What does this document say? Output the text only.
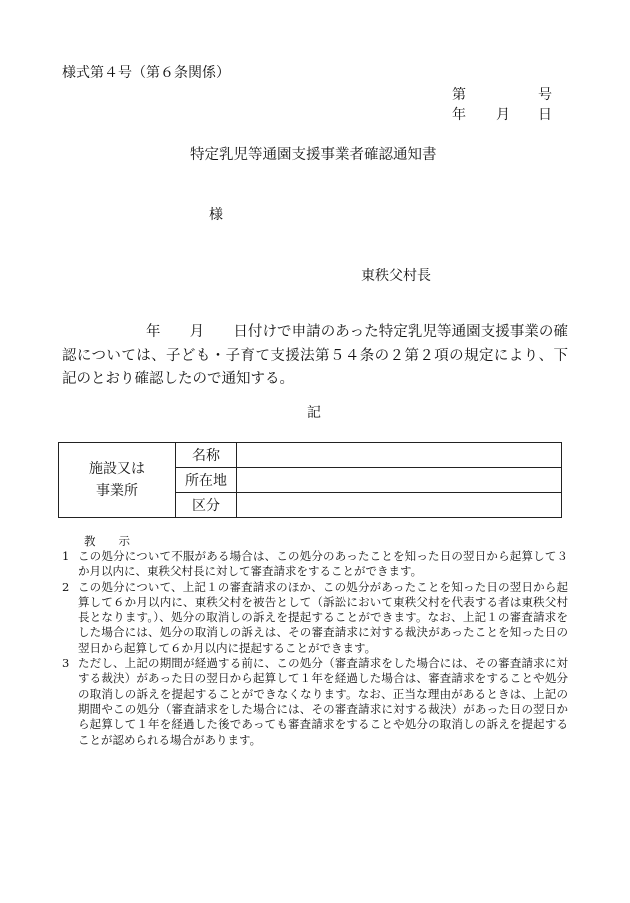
様式第４号（第６条関係）
第	号
年 月 日
特定乳児等通園支援事業者確認通知書
様
東秩父村長
年　　月　　日付けで申請のあった特定乳児等通園支援事業の確認については、子ども・子育て支援法第５４条の２第２項の規定により、下記のとおり確認したので通知する。
記
施設又は
事業所	名称	
	所在地	
	区分	
教　　示
1 この処分について不服がある場合は、この処分のあったことを知った日の翌日から起算して３か月以内に、東秩父村長に対して審査請求をすることができます。
2 この処分について、上記１の審査請求のほか、この処分があったことを知った日の翌日から起算して６か月以内に、東秩父村を被告として（訴訟において東秩父村を代表する者は東秩父村長となります。）、処分の取消しの訴えを提起することができます。なお、上記１の審査請求をした場合には、処分の取消しの訴えは、その審査請求に対する裁決があったことを知った日の翌日から起算して６か月以内に提起することができます。
3 ただし、上記の期間が経過する前に、この処分（審査請求をした場合には、その審査請求に対する裁決）があった日の翌日から起算して１年を経過した場合は、審査請求をすることや処分の取消しの訴えを提起することができなくなります。なお、正当な理由があるときは、上記の期間やこの処分（審査請求をした場合には、その審査請求に対する裁決）があった日の翌日から起算して１年を経過した後であっても審査請求をすることや処分の取消しの訴えを提起することが認められる場合があります。
